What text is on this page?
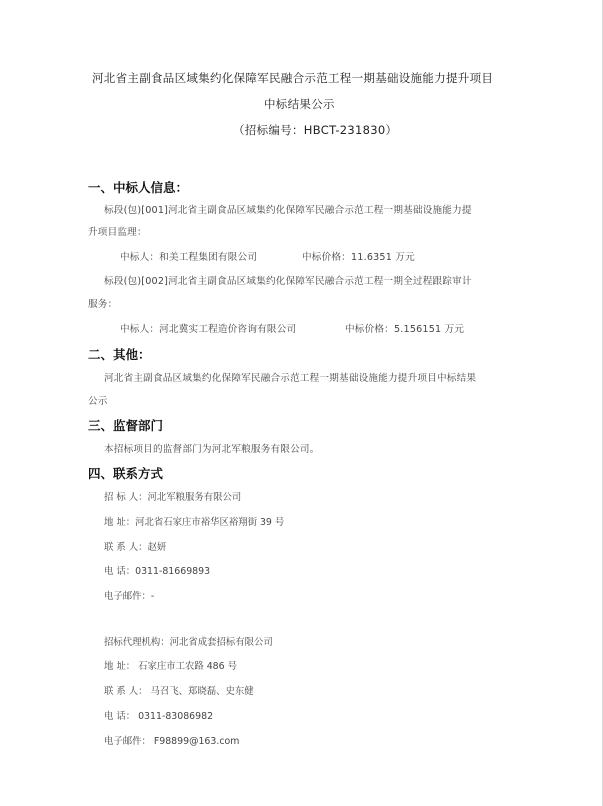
河北省主副食品区域集约化保障军民融合示范工程一期基础设施能力提升项目
中标结果公示
（招标编号：HBCT-231830）
一、中标人信息：
标段(包)[001]河北省主副食品区域集约化保障军民融合示范工程一期基础设施能力提
升项目监理：
中标人：和美工程集团有限公司	中标价格：11.6351 万元
标段(包)[002]河北省主副食品区域集约化保障军民融合示范工程一期全过程跟踪审计
服务：
中标人：河北冀实工程造价咨询有限公司	中标价格：5.156151 万元
二、其他：
河北省主副食品区域集约化保障军民融合示范工程一期基础设施能力提升项目中标结果
公示
三、监督部门
本招标项目的监督部门为河北军粮服务有限公司。
四、联系方式
招 标 人：河北军粮服务有限公司
地 址：河北省石家庄市裕华区裕翔街 39 号
联 系 人：赵妍
电 话：0311-81669893
电子邮件：-
招标代理机构：河北省成套招标有限公司
地 址： 石家庄市工农路 486 号
联 系 人： 马召飞、郑晓磊、史东健
电 话： 0311-83086982
电子邮件： F98899@163.com
